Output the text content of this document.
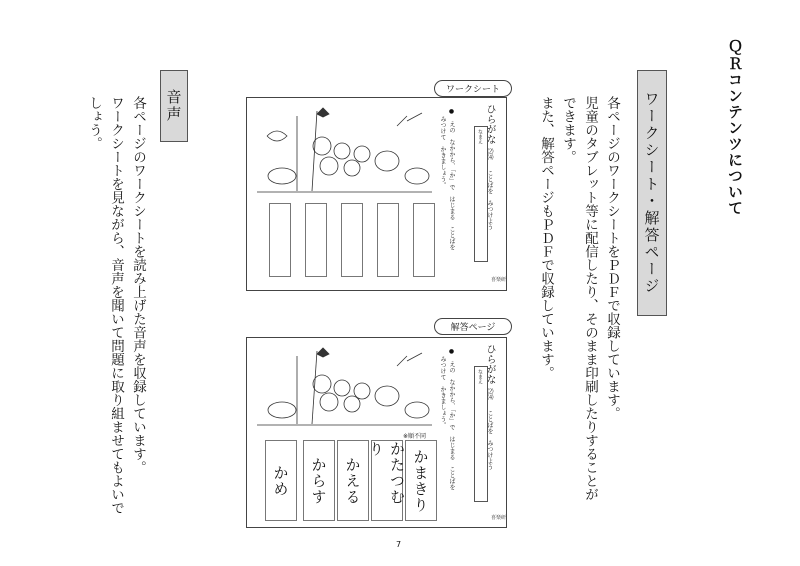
ＱＲコンテンツについて
ワークシート・解答ページ
各ページのワークシートをＰＤＦで収録しています。
児童のタブレット等に配信したり、そのまま印刷したりすることが
できます。
また、解答ページもＰＤＦで収録しています。
音声
各ページのワークシートを読み上げた音声を収録しています。
ワークシートを見ながら、音声を聞いて問題に取り組ませてもよいで
しょう。
ワークシート
ひらがな
⑵⑷
ことばを　みつけよう
なまえ
●　えの　なかから、「か」で　はじまる　ことばを
みつけて　かきましょう。
喜楽研
解答ページ
ひらがな
⑵⑷
ことばを　みつけよう
なまえ
●　えの　なかから、「か」で　はじまる　ことばを
みつけて　かきましょう。
※順不同
かまきり
かたつむり
かえる
からす
かめ
喜楽研
7
